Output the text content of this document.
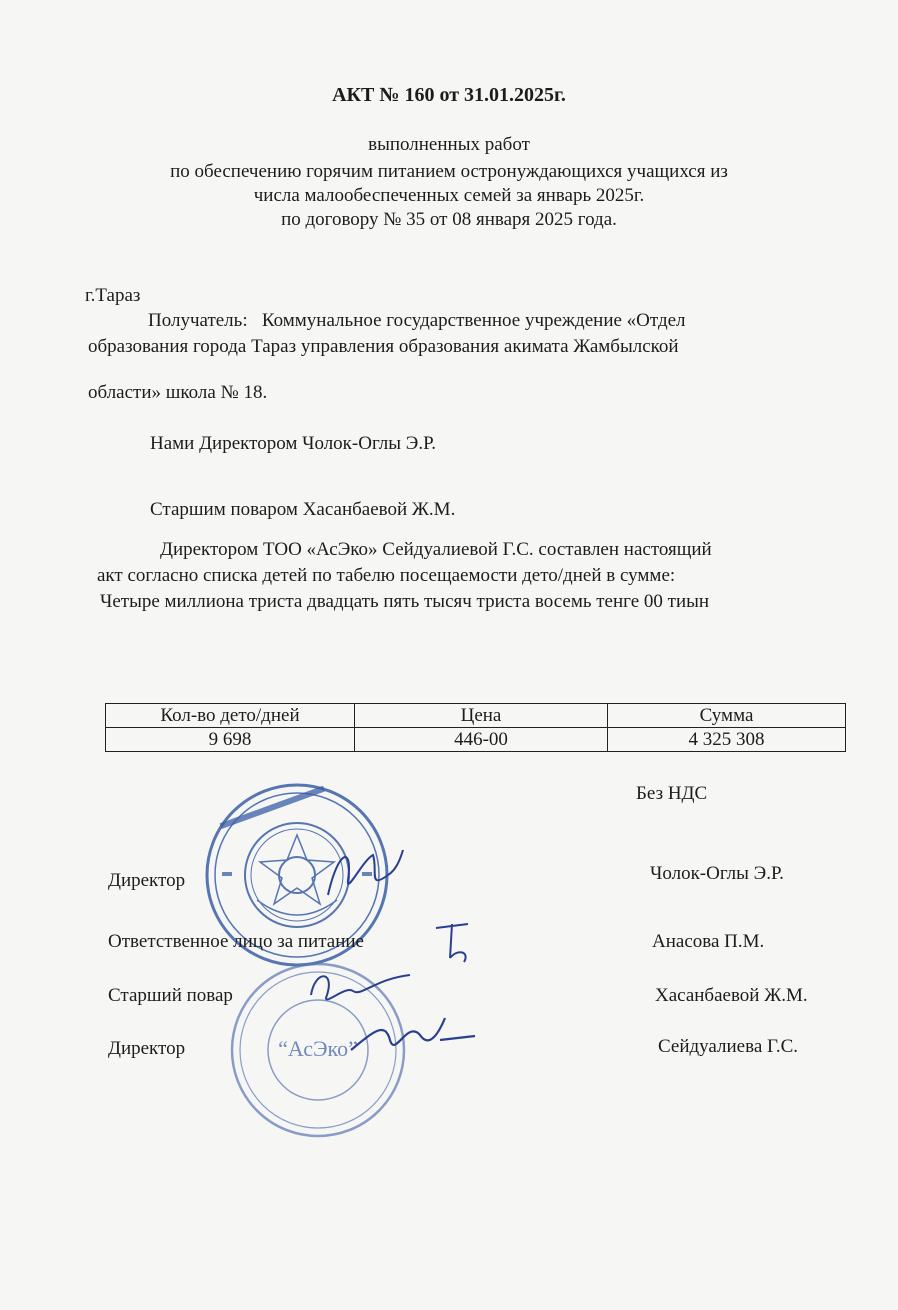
АКТ № 160 от 31.01.2025г.
выполненных работ
по обеспечению горячим питанием остронуждающихся учащихся из
числа малообеспеченных семей за январь 2025г.
по договору № 35 от 08 января 2025 года.
г.Тараз
Получатель: Коммунальное государственное учреждение «Отдел
образования города Тараз управления образования акимата Жамбылской
области» школа № 18.
Нами Директором Чолок-Оглы Э.Р.
Старшим поваром Хасанбаевой Ж.М.
Директором ТОО «АсЭко» Сейдуалиевой Г.С. составлен настоящий
акт согласно списка детей по табелю посещаемости дето/дней в сумме:
Четыре миллиона триста двадцать пять тысяч триста восемь тенге 00 тиын
Кол-во дето/дней	Цена	Сумма
9 698	446-00	4 325 308
Без НДС
“АсЭко”
Директор	Чолок-Оглы Э.Р.
Ответственное лицо за питание	Анасова П.М.
Старший повар	Хасанбаевой Ж.М.
Директор	Сейдуалиева Г.С.
